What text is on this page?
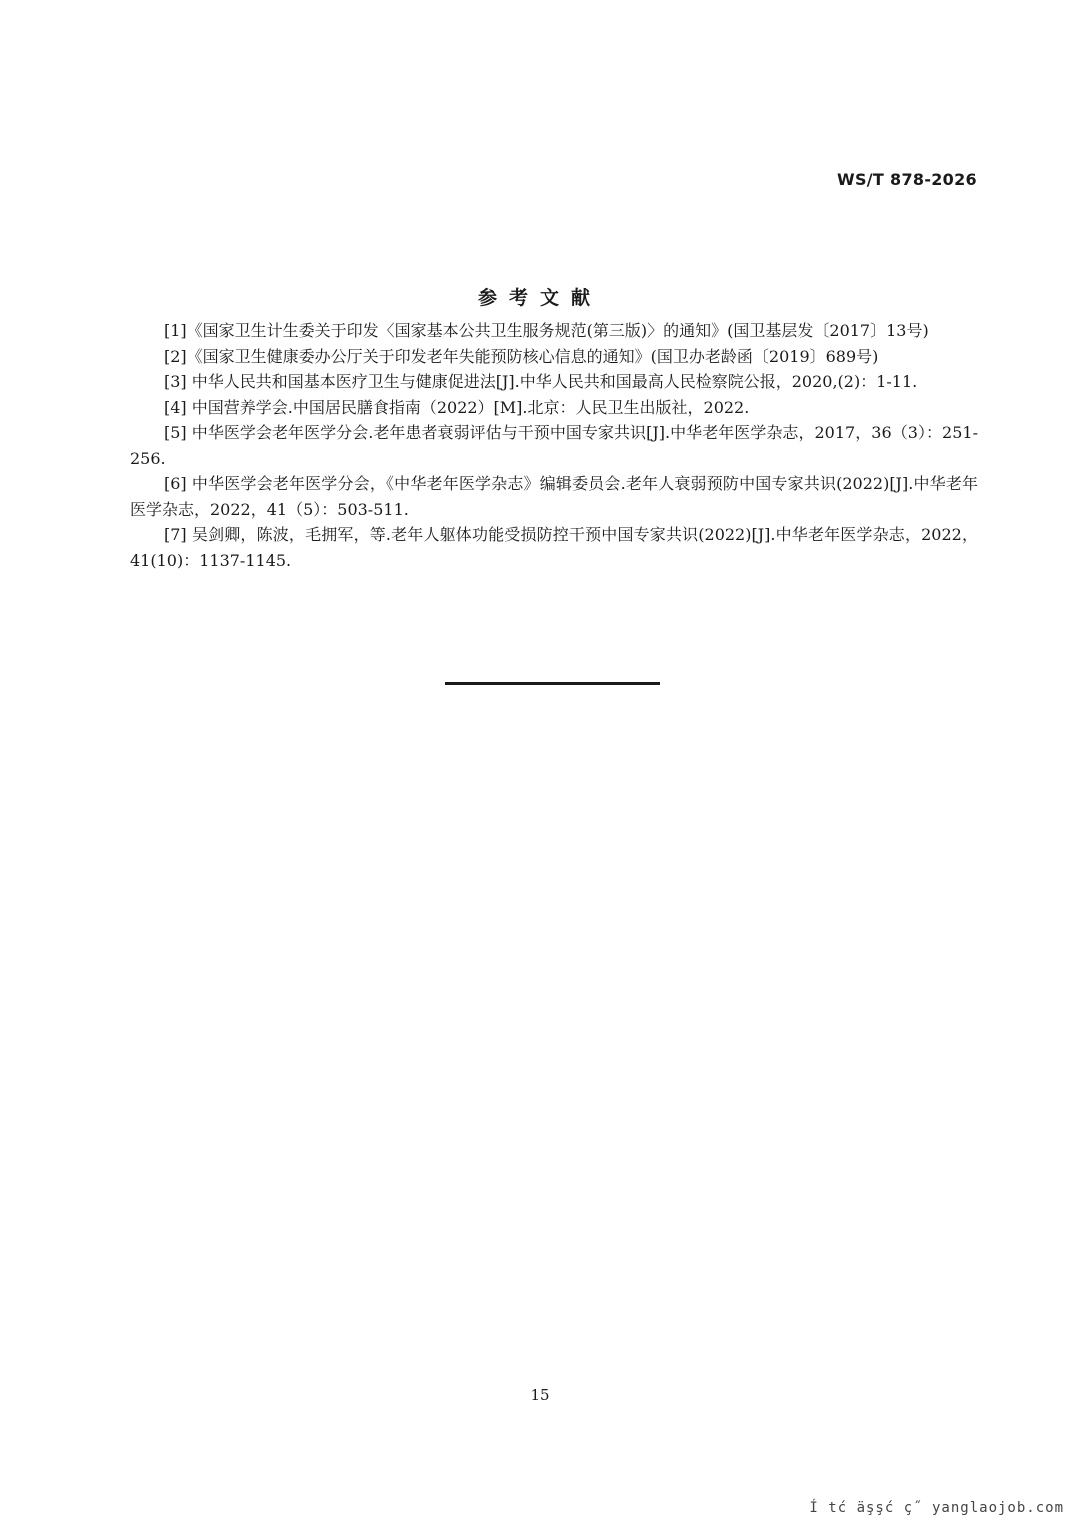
WS/T 878-2026
参考文献

[1]《国家卫生计生委关于印发〈国家基本公共卫生服务规范(第三版)〉的通知》(国卫基层发〔2017〕13号)

[2]《国家卫生健康委办公厅关于印发老年失能预防核心信息的通知》(国卫办老龄函〔2019〕689号)

[3] 中华人民共和国基本医疗卫生与健康促进法[J].中华人民共和国最高人民检察院公报，2020,(2)：1-11.

[4] 中国营养学会.中国居民膳食指南（2022）[M].北京：人民卫生出版社，2022.

[5] 中华医学会老年医学分会.老年患者衰弱评估与干预中国专家共识[J].中华老年医学杂志，2017，36（3）：251-256.

[6] 中华医学会老年医学分会，《中华老年医学杂志》编辑委员会.老年人衰弱预防中国专家共识(2022)[J].中华老年医学杂志，2022，41（5）：503-511.

[7] 吴剑卿，陈波，毛拥军，等.老年人躯体功能受损防控干预中国专家共识(2022)[J].中华老年医学杂志，2022，41(10)：1137-1145.

15
Í tć äşşć ç˝ yanglaojob.com
